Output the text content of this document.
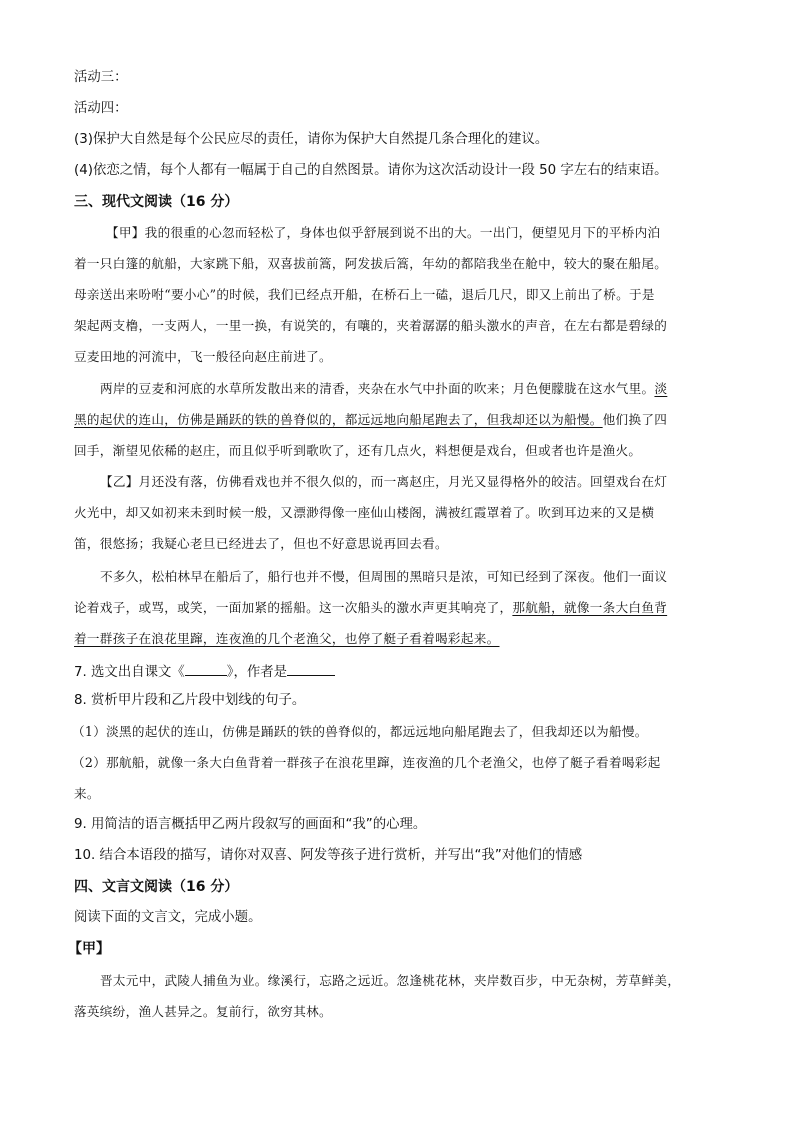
活动三：
活动四：
(3)保护大自然是每个公民应尽的责任，请你为保护大自然提几条合理化的建议。
(4)依恋之情，每个人都有一幅属于自己的自然图景。请你为这次活动设计一段 50 字左右的结束语。
三、现代文阅读（16 分）
【甲】我的很重的心忽而轻松了，身体也似乎舒展到说不出的大。一出门，便望见月下的平桥内泊
着一只白篷的航船，大家跳下船，双喜拔前篙，阿发拔后篙，年幼的都陪我坐在舱中，较大的聚在船尾。
母亲送出来吩咐“要小心”的时候，我们已经点开船，在桥石上一磕，退后几尺，即又上前出了桥。于是
架起两支橹，一支两人，一里一换，有说笑的，有嚷的，夹着潺潺的船头激水的声音，在左右都是碧绿的
豆麦田地的河流中，飞一般径向赵庄前进了。
两岸的豆麦和河底的水草所发散出来的清香，夹杂在水气中扑面的吹来；月色便朦胧在这水气里。淡
黑的起伏的连山，仿佛是踊跃的铁的兽脊似的，都远远地向船尾跑去了，但我却还以为船慢。他们换了四
回手，渐望见依稀的赵庄，而且似乎听到歌吹了，还有几点火，料想便是戏台，但或者也许是渔火。
【乙】月还没有落，仿佛看戏也并不很久似的，而一离赵庄，月光又显得格外的皎洁。回望戏台在灯
火光中，却又如初来未到时候一般，又漂渺得像一座仙山楼阁，满被红霞罩着了。吹到耳边来的又是横
笛，很悠扬；我疑心老旦已经进去了，但也不好意思说再回去看。
不多久，松柏林早在船后了，船行也并不慢，但周围的黑暗只是浓，可知已经到了深夜。他们一面议
论着戏子，或骂，或笑，一面加紧的摇船。这一次船头的激水声更其响亮了，那航船，就像一条大白鱼背
着一群孩子在浪花里蹿，连夜渔的几个老渔父，也停了艇子看着喝彩起来。
7. 选文出自课文《	》，作者是
8. 赏析甲片段和乙片段中划线的句子。
（1）淡黑的起伏的连山，仿佛是踊跃的铁的兽脊似的，都远远地向船尾跑去了，但我却还以为船慢。
（2）那航船，就像一条大白鱼背着一群孩子在浪花里蹿，连夜渔的几个老渔父，也停了艇子看着喝彩起
来。
9. 用简洁的语言概括甲乙两片段叙写的画面和“我”的心理。
10. 结合本语段的描写，请你对双喜、阿发等孩子进行赏析，并写出“我”对他们的情感
四、文言文阅读（16 分）
阅读下面的文言文，完成小题。
【甲】
晋太元中，武陵人捕鱼为业。缘溪行，忘路之远近。忽逢桃花林，夹岸数百步，中无杂树，芳草鲜美，
落英缤纷，渔人甚异之。复前行，欲穷其林。
